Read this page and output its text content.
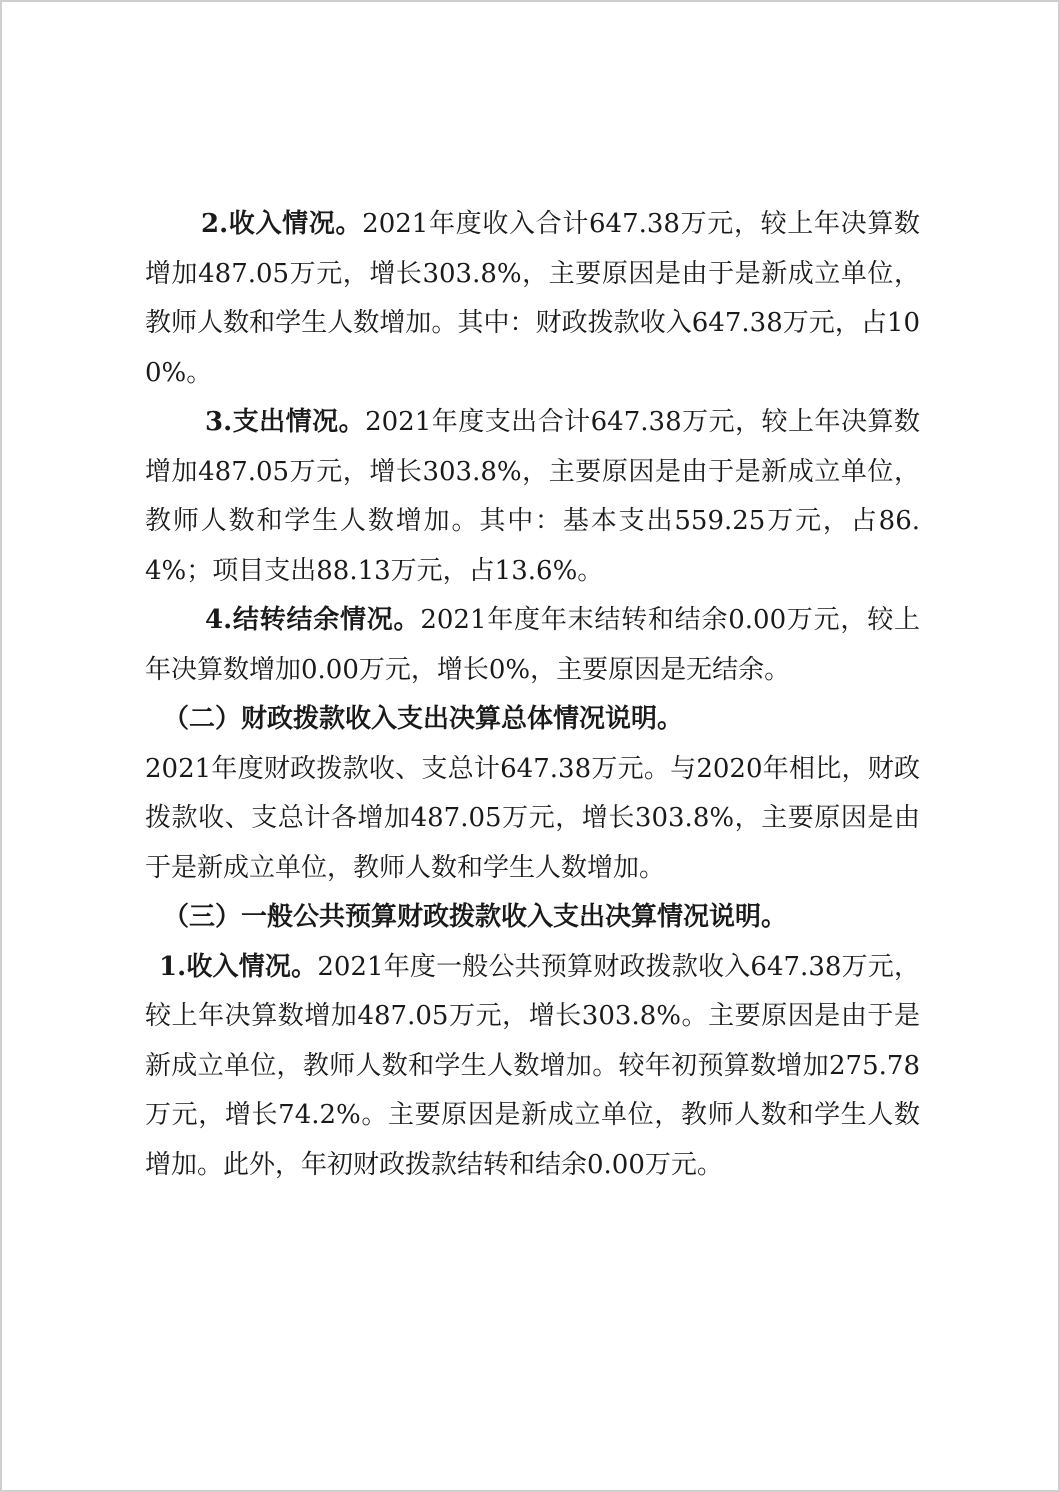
2.收入情况。2021年度收入合计647.38万元，较上年决算数增加487.05万元，增长303.8%，主要原因是由于是新成立单位，教师人数和学生人数增加。其中：财政拨款收入647.38万元，占100%。

3.支出情况。2021年度支出合计647.38万元，较上年决算数增加487.05万元，增长303.8%，主要原因是由于是新成立单位，教师人数和学生人数增加。其中：基本支出559.25万元，占86.4%；项目支出88.13万元，占13.6%。

4.结转结余情况。2021年度年末结转和结余0.00万元，较上年决算数增加0.00万元，增长0%，主要原因是无结余。

（二）财政拨款收入支出决算总体情况说明。

2021年度财政拨款收、支总计647.38万元。与2020年相比，财政拨款收、支总计各增加487.05万元，增长303.8%，主要原因是由于是新成立单位，教师人数和学生人数增加。

（三）一般公共预算财政拨款收入支出决算情况说明。

1.收入情况。2021年度一般公共预算财政拨款收入647.38万元，较上年决算数增加487.05万元，增长303.8%。主要原因是由于是新成立单位，教师人数和学生人数增加。较年初预算数增加275.78万元，增长74.2%。主要原因是新成立单位，教师人数和学生人数增加。此外，年初财政拨款结转和结余0.00万元。
